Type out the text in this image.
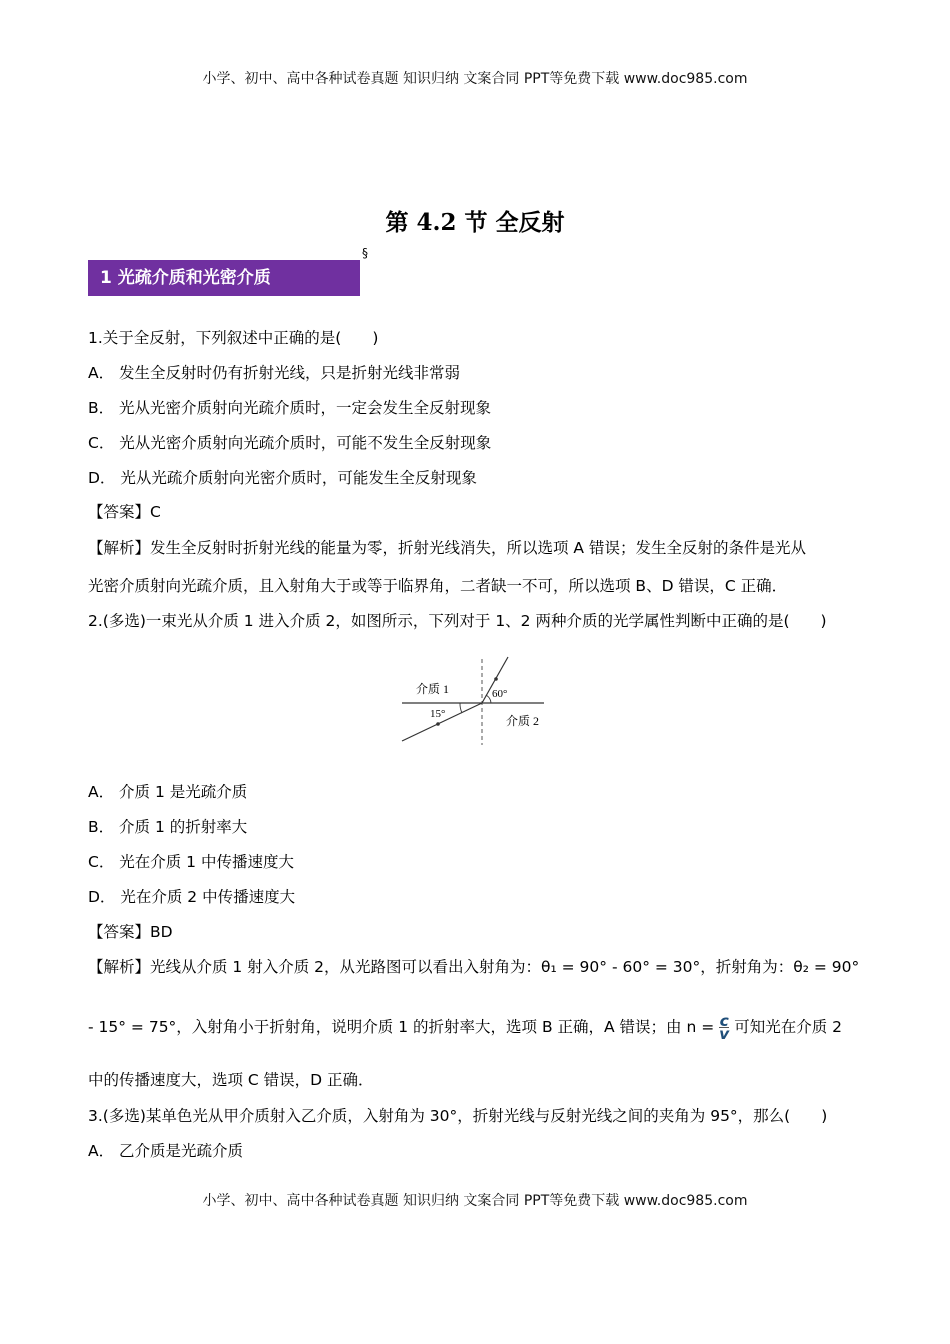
小学、初中、高中各种试卷真题 知识归纳 文案合同 PPT等免费下载 www.doc985.com
第 4.2 节 全反射
1 光疏介质和光密介质
§
1.关于全反射，下列叙述中正确的是(　　)
A． 发生全反射时仍有折射光线，只是折射光线非常弱
B． 光从光密介质射向光疏介质时，一定会发生全反射现象
C． 光从光密介质射向光疏介质时，可能不发生全反射现象
D． 光从光疏介质射向光密介质时，可能发生全反射现象
【答案】C
【解析】发生全反射时折射光线的能量为零，折射光线消失，所以选项 A 错误；发生全反射的条件是光从
光密介质射向光疏介质，且入射角大于或等于临界角，二者缺一不可，所以选项 B、D 错误，C 正确．
2.(多选)一束光从介质 1 进入介质 2，如图所示，下列对于 1、2 两种介质的光学属性判断中正确的是(　　)
介质 1	60°
15°	介质 2
A． 介质 1 是光疏介质
B． 介质 1 的折射率大
C． 光在介质 1 中传播速度大
D． 光在介质 2 中传播速度大
【答案】BD
【解析】光线从介质 1 射入介质 2，从光路图可以看出入射角为：θ₁ = 90° - 60° = 30°，折射角为：θ₂ = 90°
- 15° = 75°，入射角小于折射角，说明介质 1 的折射率大，选项 B 正确，A 错误；由 $n = \frac{c}{v}$ 可知光在介质 2
中的传播速度大，选项 C 错误，D 正确．
3.(多选)某单色光从甲介质射入乙介质，入射角为 30°，折射光线与反射光线之间的夹角为 95°，那么(　　)
A． 乙介质是光疏介质
小学、初中、高中各种试卷真题 知识归纳 文案合同 PPT等免费下载 www.doc985.com
